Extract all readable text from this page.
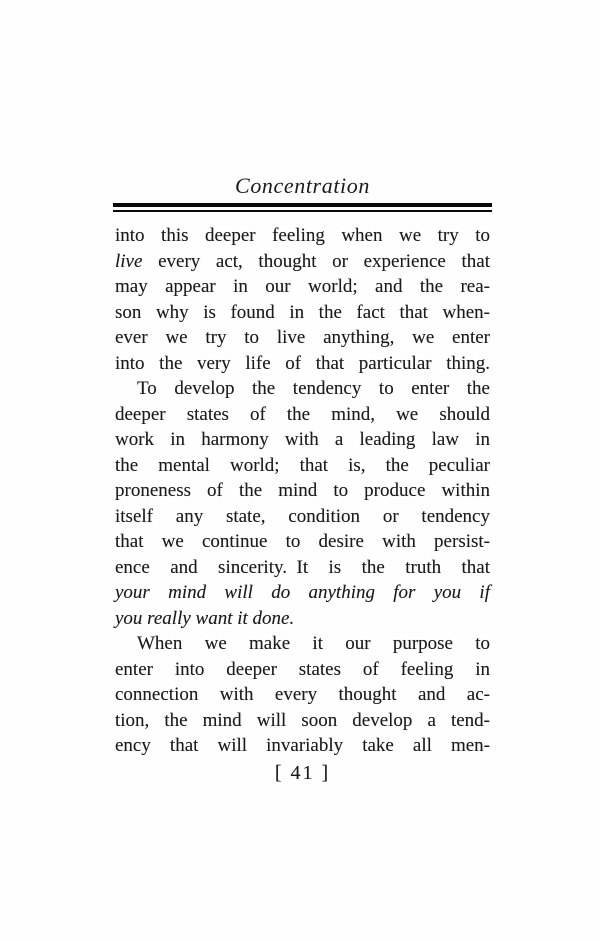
Concentration
into this deeper feeling when we try to
live every act, thought or experience that
may appear in our world; and the rea-
son why is found in the fact that when-
ever we try to live anything, we enter
into the very life of that particular thing.
To develop the tendency to enter the
deeper states of the mind, we should
work in harmony with a leading law in
the mental world; that is, the peculiar
proneness of the mind to produce within
itself any state, condition or tendency
that we continue to desire with persist-
ence and sincerity. It is the truth that
your mind will do anything for you if
you really want it done.
When we make it our purpose to
enter into deeper states of feeling in
connection with every thought and ac-
tion, the mind will soon develop a tend-
ency that will invariably take all men-
[ 41 ]
